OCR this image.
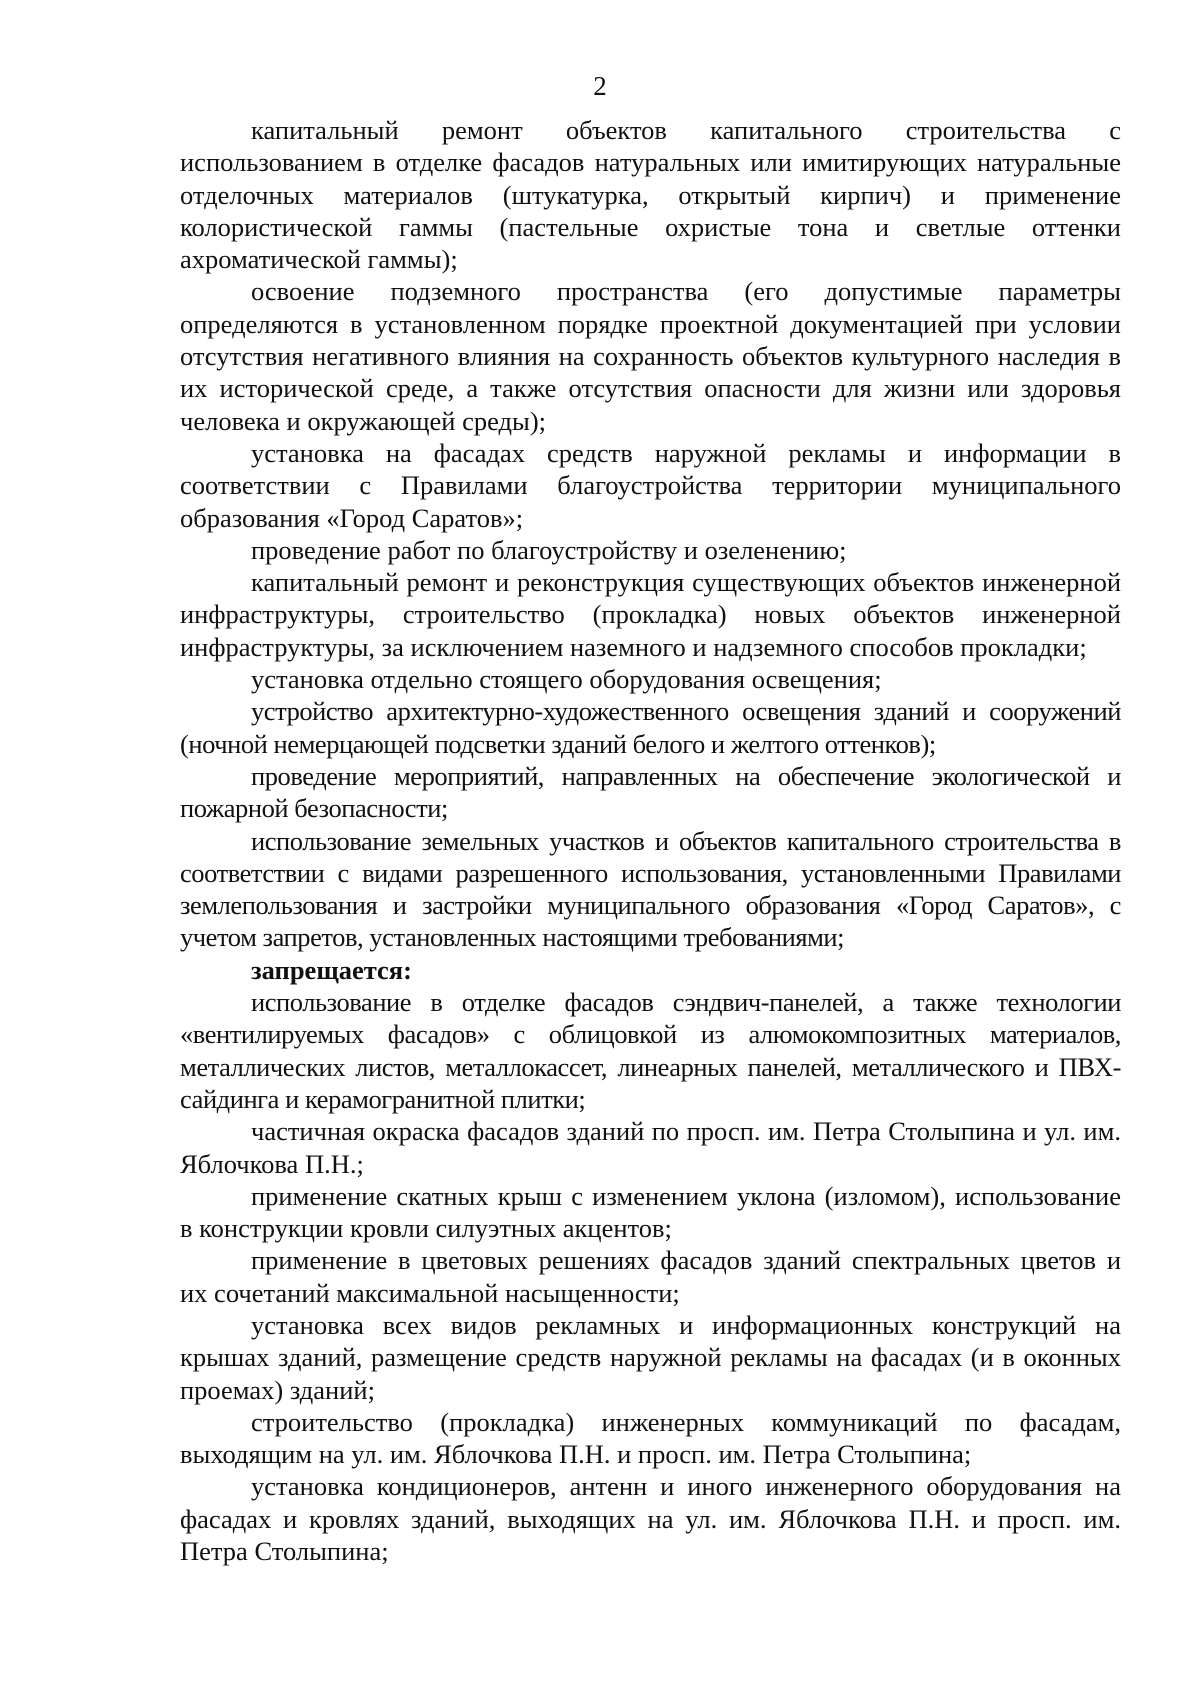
2

капитальный ремонт объектов капитального строительства с использованием в отделке фасадов натуральных или имитирующих натуральные отделочных материалов (штукатурка, открытый кирпич) и применение колористической гаммы (пастельные охристые тона и светлые оттенки ахроматической гаммы);

освоение подземного пространства (его допустимые параметры определяются в установленном порядке проектной документацией при условии отсутствия негативного влияния на сохранность объектов культурного наследия в их исторической среде, а также отсутствия опасности для жизни или здоровья человека и окружающей среды);

установка на фасадах средств наружной рекламы и информации в соответствии с Правилами благоустройства территории муниципального образования «Город Саратов»;

проведение работ по благоустройству и озеленению;

капитальный ремонт и реконструкция существующих объектов инженерной инфраструктуры, строительство (прокладка) новых объектов инженерной инфраструктуры, за исключением наземного и надземного способов прокладки;

установка отдельно стоящего оборудования освещения;

устройство архитектурно-художественного освещения зданий и сооружений (ночной немерцающей подсветки зданий белого и желтого оттенков);

проведение мероприятий, направленных на обеспечение экологической и пожарной безопасности;

использование земельных участков и объектов капитального строительства в соответствии с видами разрешенного использования, установленными Правилами землепользования и застройки муниципального образования «Город Саратов», с учетом запретов, установленных настоящими требованиями;

запрещается:

использование в отделке фасадов сэндвич-панелей, а также технологии «вентилируемых фасадов» с облицовкой из алюмокомпозитных материалов, металлических листов, металлокассет, линеарных панелей, металлического и ПВХ-сайдинга и керамогранитной плитки;

частичная окраска фасадов зданий по просп. им. Петра Столыпина и ул. им. Яблочкова П.Н.;

применение скатных крыш с изменением уклона (изломом), использование в конструкции кровли силуэтных акцентов;

применение в цветовых решениях фасадов зданий спектральных цветов и их сочетаний максимальной насыщенности;

установка всех видов рекламных и информационных конструкций на крышах зданий, размещение средств наружной рекламы на фасадах (и в оконных проемах) зданий;

строительство (прокладка) инженерных коммуникаций по фасадам, выходящим на ул. им. Яблочкова П.Н. и просп. им. Петра Столыпина;

установка кондиционеров, антенн и иного инженерного оборудования на фасадах и кровлях зданий, выходящих на ул. им. Яблочкова П.Н. и просп. им. Петра Столыпина;
